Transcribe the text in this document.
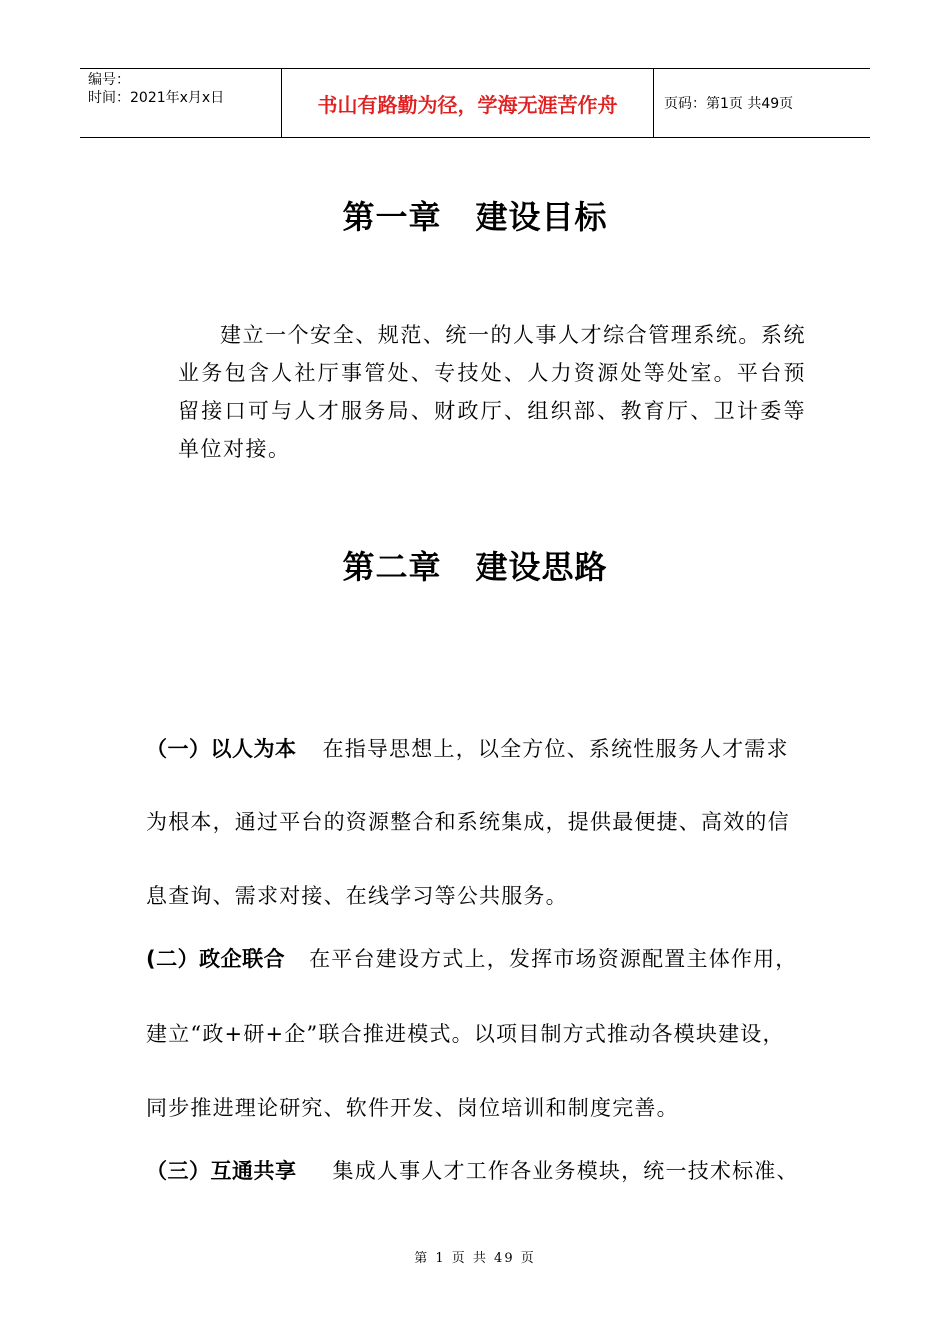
编号：
时间：2021年x月x日	书山有路勤为径，学海无涯苦作舟	页码：第1页 共49页
第一章 建设目标
建立一个安全、规范、统一的人事人才综合管理系统。系统业务包含人社厅事管处、专技处、人力资源处等处室。平台预留接口可与人才服务局、财政厅、组织部、教育厅、卫计委等单位对接。
第二章 建设思路
（一）以人为本 在指导思想上，以全方位、系统性服务人才需求
为根本，通过平台的资源整合和系统集成，提供最便捷、高效的信
息查询、需求对接、在线学习等公共服务。
(二）政企联合 在平台建设方式上，发挥市场资源配置主体作用，
建立“政+研+企”联合推进模式。以项目制方式推动各模块建设，
同步推进理论研究、软件开发、岗位培训和制度完善。
（三）互通共享 集成人事人才工作各业务模块，统一技术标准、
第 1 页 共 49 页
